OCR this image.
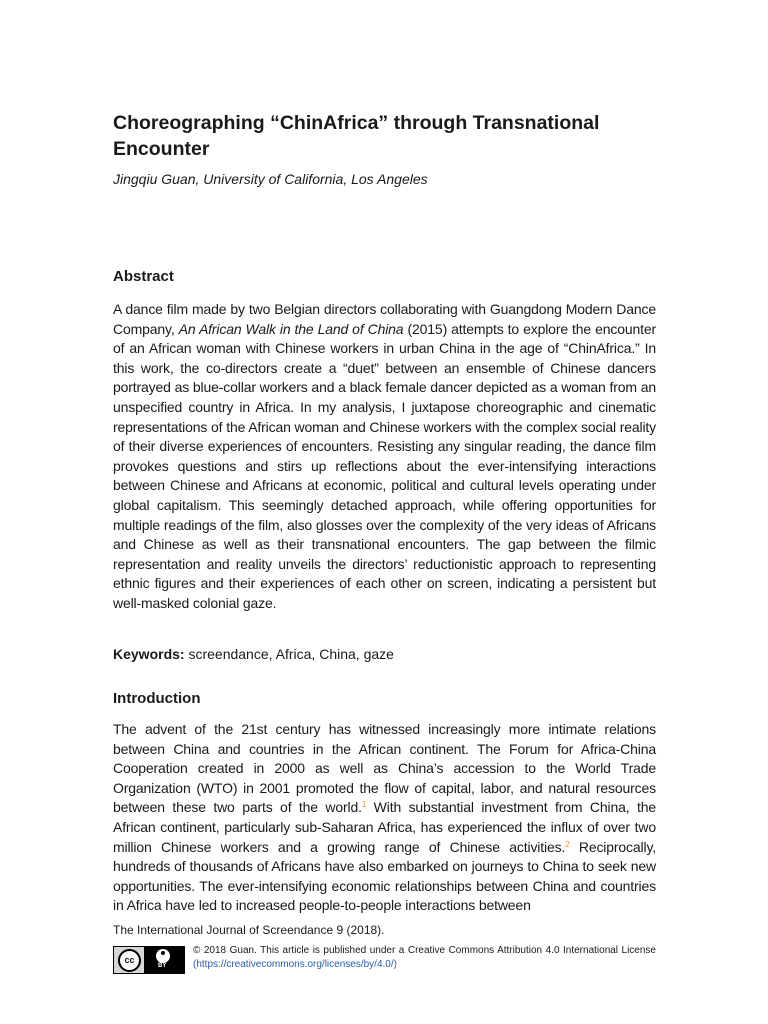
Choreographing “ChinAfrica” through Transnational Encounter

Jingqiu Guan, University of California, Los Angeles

Abstract

A dance film made by two Belgian directors collaborating with Guangdong Modern Dance Company, An African Walk in the Land of China (2015) attempts to explore the encounter of an African woman with Chinese workers in urban China in the age of “ChinAfrica.” In this work, the co-directors create a “duet” between an ensemble of Chinese dancers portrayed as blue-collar workers and a black female dancer depicted as a woman from an unspecified country in Africa. In my analysis, I juxtapose choreographic and cinematic representations of the African woman and Chinese workers with the complex social reality of their diverse experiences of encounters. Resisting any singular reading, the dance film provokes questions and stirs up reflections about the ever-intensifying interactions between Chinese and Africans at economic, political and cultural levels operating under global capitalism. This seemingly detached approach, while offering opportunities for multiple readings of the film, also glosses over the complexity of the very ideas of Africans and Chinese as well as their transnational encounters. The gap between the filmic representation and reality unveils the directors’ reductionistic approach to representing ethnic figures and their experiences of each other on screen, indicating a persistent but well-masked colonial gaze.

Keywords: screendance, Africa, China, gaze

Introduction

The advent of the 21st century has witnessed increasingly more intimate relations between China and countries in the African continent. The Forum for Africa-China Cooperation created in 2000 as well as China’s accession to the World Trade Organization (WTO) in 2001 promoted the flow of capital, labor, and natural resources between these two parts of the world.$^1$ With substantial investment from China, the African continent, particularly sub-Saharan Africa, has experienced the influx of over two million Chinese workers and a growing range of Chinese activities.$^2$ Reciprocally, hundreds of thousands of Africans have also embarked on journeys to China to seek new opportunities. The ever-intensifying economic relationships between China and countries in Africa have led to increased people-to-people interactions between

The International Journal of Screendance 9 (2018).

cc
BY

© 2018 Guan. This article is published under a Creative Commons Attribution 4.0 International License (https://creativecommons.org/licenses/by/4.0/)
